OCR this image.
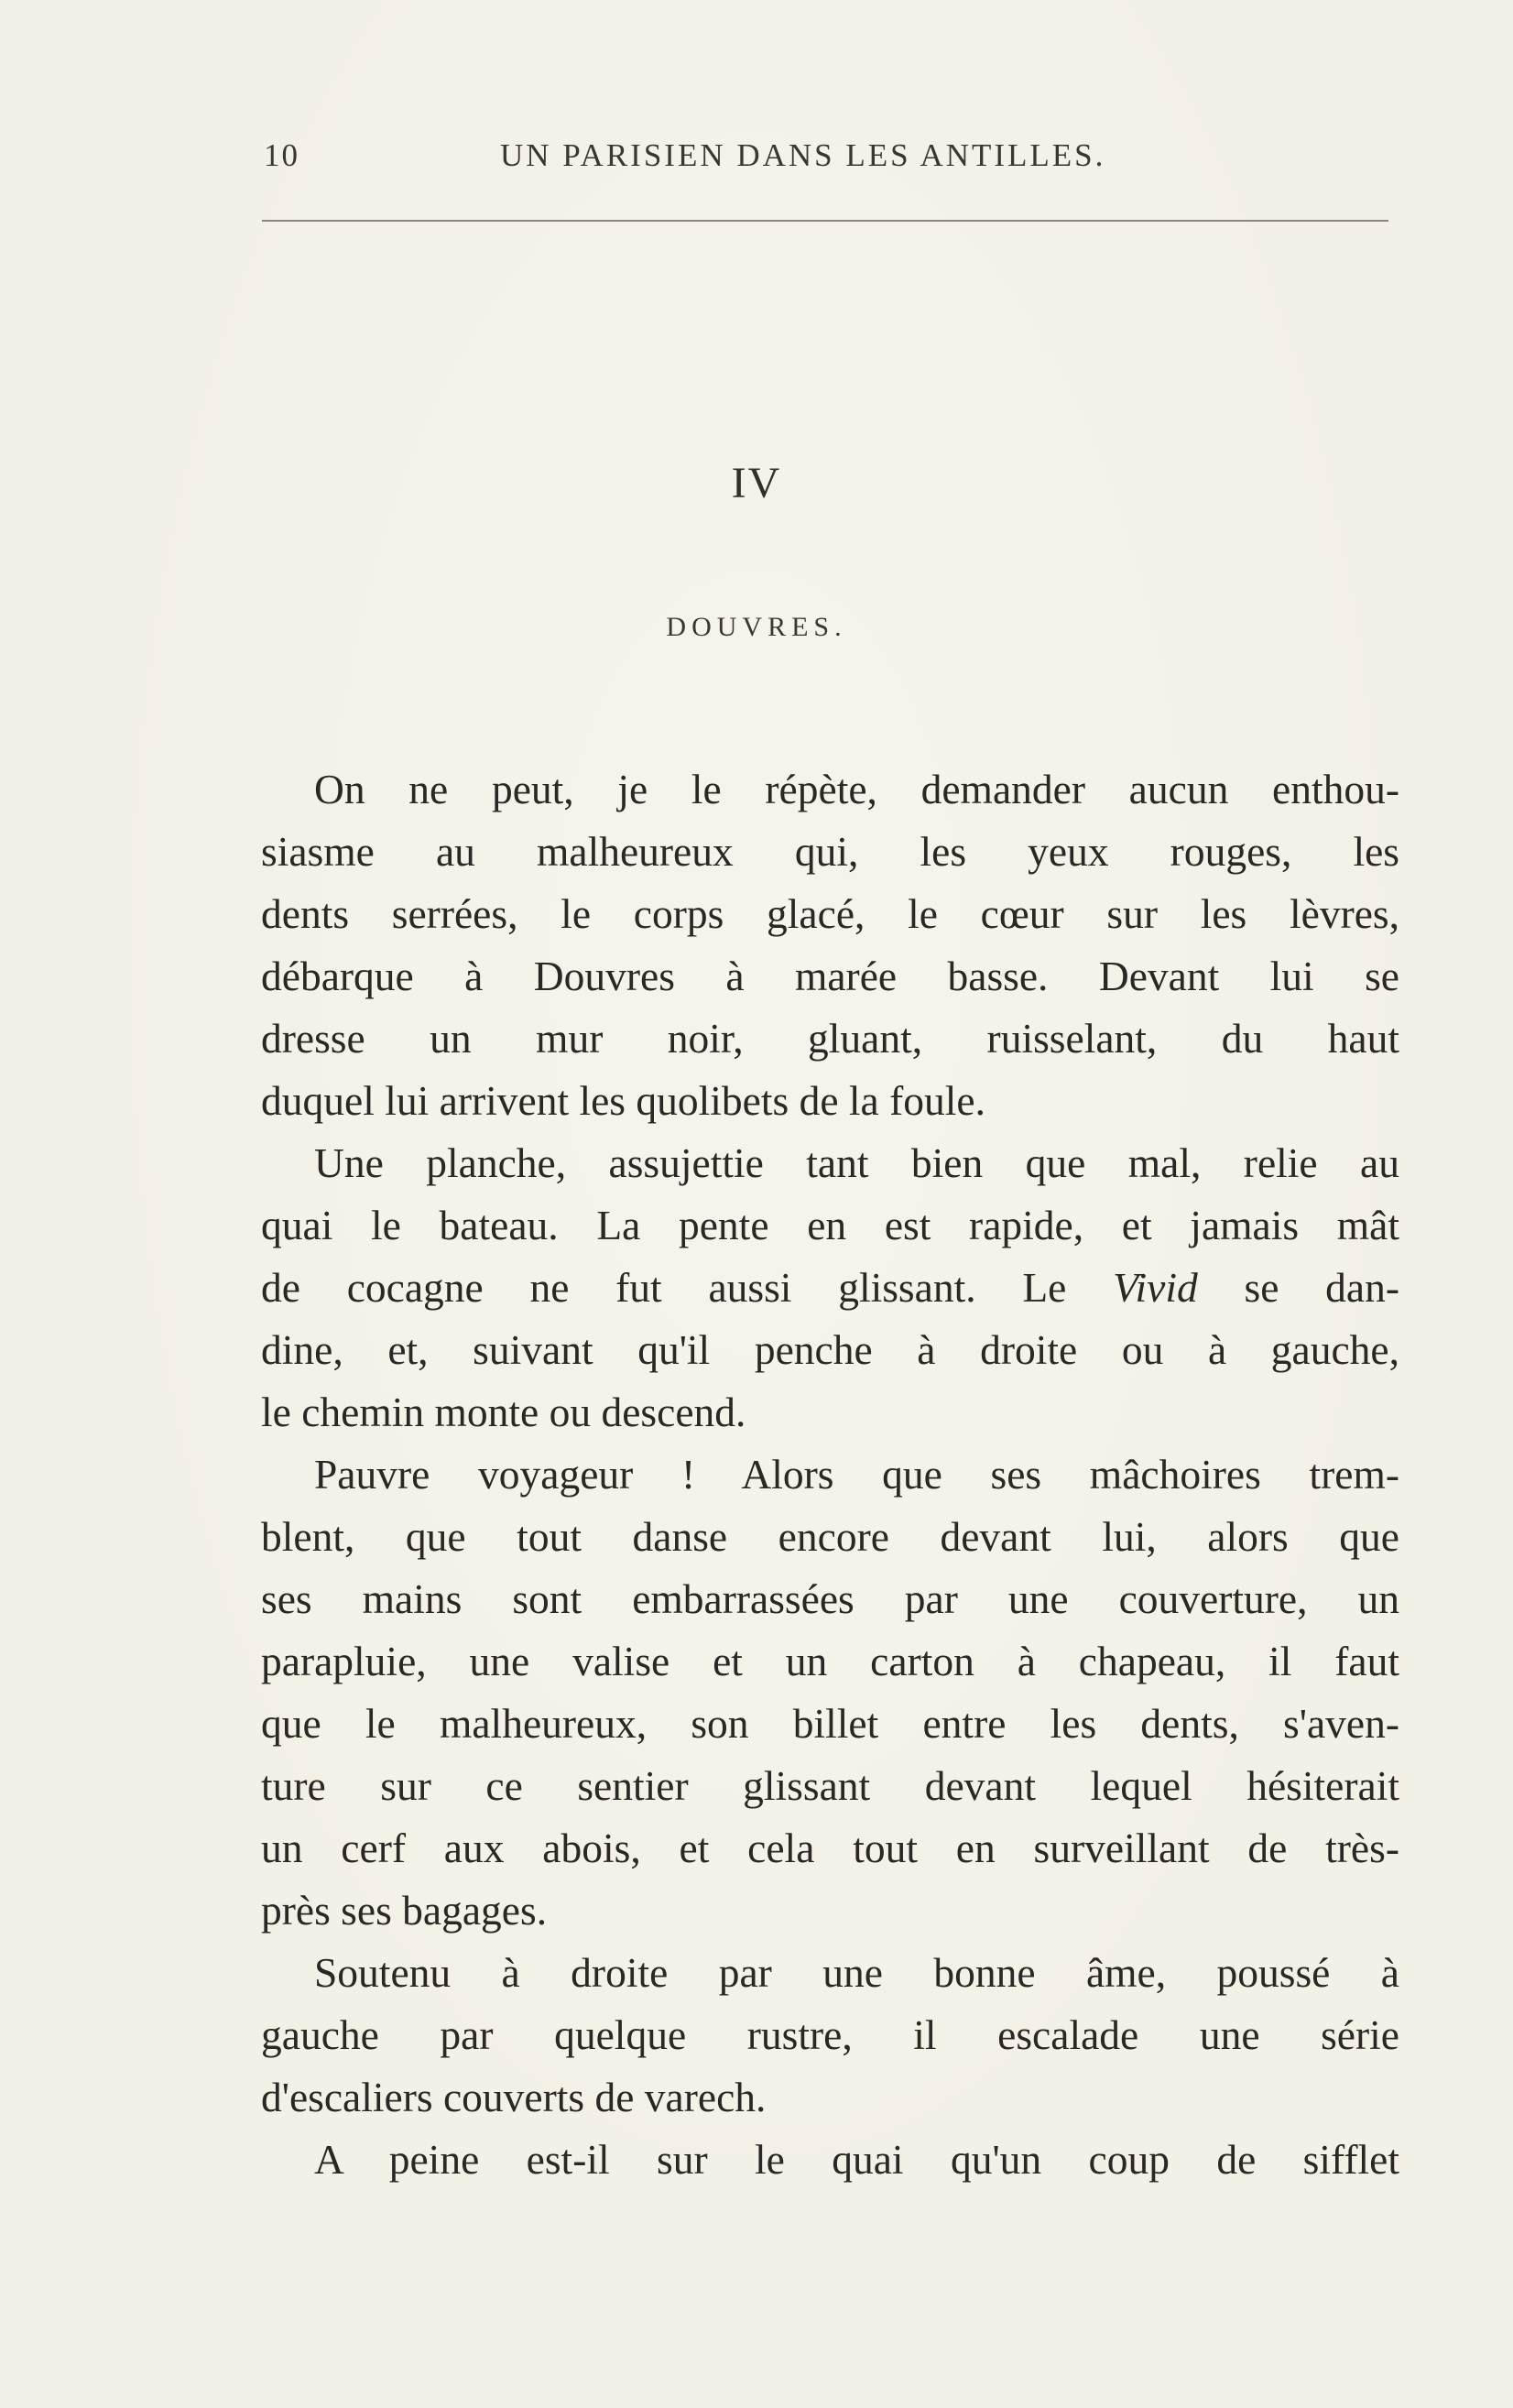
10	UN PARISIEN DANS LES ANTILLES.
IV
DOUVRES.
On ne peut, je le répète, demander aucun enthou-
siasme au malheureux qui, les yeux rouges, les
dents serrées, le corps glacé, le cœur sur les lèvres,
débarque à Douvres à marée basse. Devant lui se
dresse un mur noir, gluant, ruisselant, du haut
duquel lui arrivent les quolibets de la foule.
Une planche, assujettie tant bien que mal, relie au
quai le bateau. La pente en est rapide, et jamais mât
de cocagne ne fut aussi glissant. Le Vivid se dan-
dine, et, suivant qu'il penche à droite ou à gauche,
le chemin monte ou descend.
Pauvre voyageur ! Alors que ses mâchoires trem-
blent, que tout danse encore devant lui, alors que
ses mains sont embarrassées par une couverture, un
parapluie, une valise et un carton à chapeau, il faut
que le malheureux, son billet entre les dents, s'aven-
ture sur ce sentier glissant devant lequel hésiterait
un cerf aux abois, et cela tout en surveillant de très-
près ses bagages.
Soutenu à droite par une bonne âme, poussé à
gauche par quelque rustre, il escalade une série
d'escaliers couverts de varech.
A peine est-il sur le quai qu'un coup de sifflet
